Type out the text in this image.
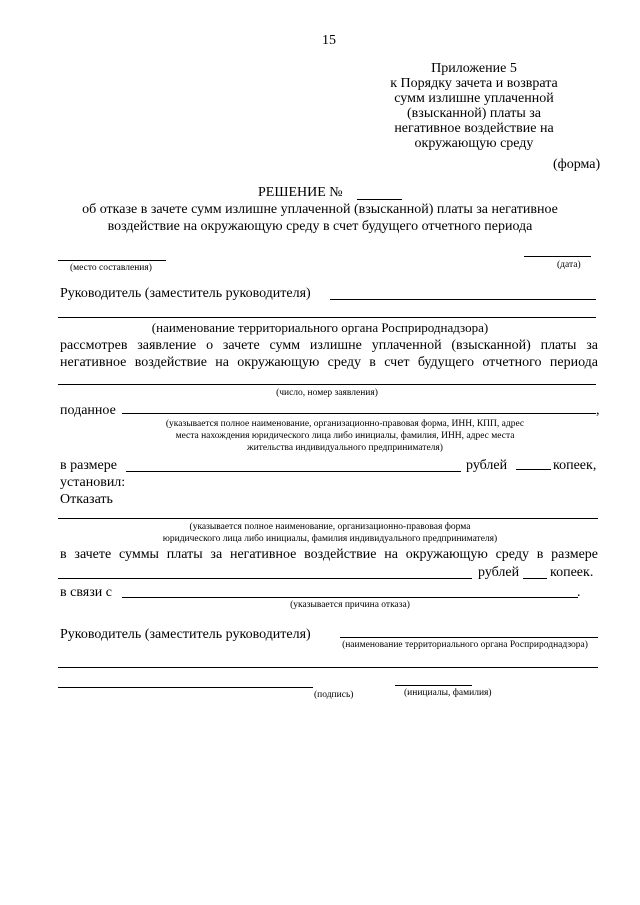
15
Приложение 5
к Порядку зачета и возврата
сумм излишне уплаченной
(взысканной) платы за
негативное воздействие на
окружающую среду
(форма)
РЕШЕНИЕ №
об отказе в зачете сумм излишне уплаченной (взысканной) платы за негативное
воздействие на окружающую среду в счет будущего отчетного периода
(место составления)	(дата)
Руководитель (заместитель руководителя)
(наименование территориального органа Росприроднадзора)
рассмотрев заявление о зачете сумм излишне уплаченной (взысканной) платы за
негативное воздействие на окружающую среду в счет будущего отчетного периода
(число, номер заявления)
поданное	,
(указывается полное наименование, организационно-правовая форма, ИНН, КПП, адрес
места нахождения юридического лица либо инициалы, фамилия, ИНН, адрес места
жительства индивидуального предпринимателя)
в размере	рублей	копеек,
установил:
Отказать
(указывается полное наименование, организационно-правовая форма
юридического лица либо инициалы, фамилия индивидуального предпринимателя)
в зачете суммы платы за негативное воздействие на окружающую среду в размере
рублей копеек.
в связи с	.
(указывается причина отказа)
Руководитель (заместитель руководителя)
(наименование территориального органа Росприроднадзора)
(подпись)	(инициалы, фамилия)
